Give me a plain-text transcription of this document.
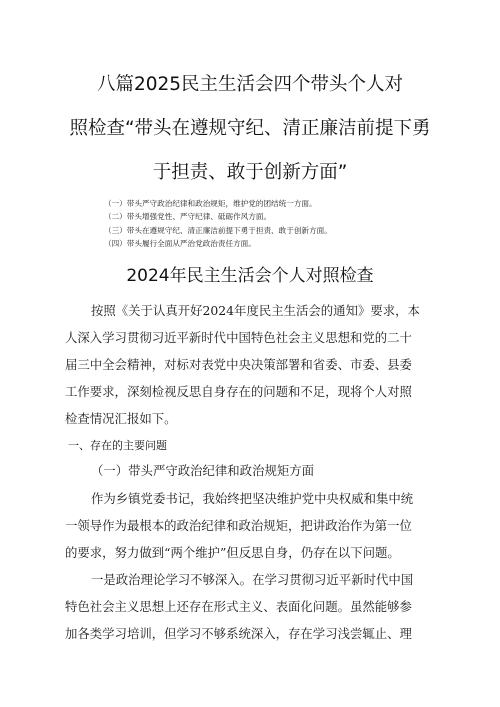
八篇2025民主生活会四个带头个人对
照检查“带头在遵规守纪、清正廉洁前提下勇
于担责、敢于创新方面”
（一）带头严守政治纪律和政治规矩，维护党的团结统一方面。
（二）带头增强党性、严守纪律、砥砺作风方面。
（三）带头在遵规守纪、清正廉洁前提下勇于担责、敢于创新方面。
（四）带头履行全面从严治党政治责任方面。
2024年民主生活会个人对照检查
按照《关于认真开好2024年度民主生活会的通知》要求，本
人深入学习贯彻习近平新时代中国特色社会主义思想和党的二十
届三中全会精神，对标对表党中央决策部署和省委、市委、县委
工作要求，深刻检视反思自身存在的问题和不足，现将个人对照
检查情况汇报如下。
一、存在的主要问题
（一）带头严守政治纪律和政治规矩方面
作为乡镇党委书记，我始终把坚决维护党中央权威和集中统
一领导作为最根本的政治纪律和政治规矩，把讲政治作为第一位
的要求，努力做到“两个维护”但反思自身，仍存在以下问题。
一是政治理论学习不够深入。在学习贯彻习近平新时代中国
特色社会主义思想上还存在形式主义、表面化问题。虽然能够参
加各类学习培训，但学习不够系统深入，存在学习浅尝辄止、理
